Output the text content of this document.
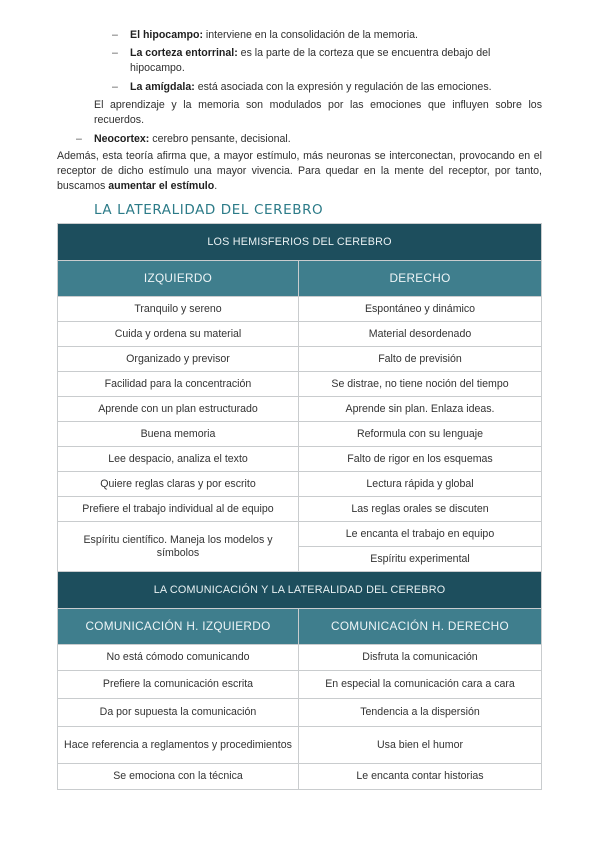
– El hipocampo: interviene en la consolidación de la memoria.
– La corteza entorrinal: es la parte de la corteza que se encuentra debajo del
hipocampo.
– La amígdala: está asociada con la expresión y regulación de las emociones.
El aprendizaje y la memoria son modulados por las emociones que influyen sobre los recuerdos.
– Neocortex: cerebro pensante, decisional.
Además, esta teoría afirma que, a mayor estímulo, más neuronas se interconectan, provocando en el receptor de dicho estímulo una mayor vivencia. Para quedar en la mente del receptor, por tanto, buscamos aumentar el estímulo.
LA LATERALIDAD DEL CEREBRO
LOS HEMISFERIOS DEL CEREBRO	
IZQUIERDO	DERECHO
Tranquilo y sereno	Espontáneo y dinámico
Cuida y ordena su material	Material desordenado
Organizado y previsor	Falto de previsión
Facilidad para la concentración	Se distrae, no tiene noción del tiempo
Aprende con un plan estructurado	Aprende sin plan. Enlaza ideas.
Buena memoria	Reformula con su lenguaje
Lee despacio, analiza el texto	Falto de rigor en los esquemas
Quiere reglas claras y por escrito	Lectura rápida y global
Prefiere el trabajo individual al de equipo	Las reglas orales se discuten
Espíritu científico. Maneja los modelos y símbolos	Le encanta el trabajo en equipo
	Espíritu experimental
LA COMUNICACIÓN Y LA LATERALIDAD DEL CEREBRO	
COMUNICACIÓN H. IZQUIERDO	COMUNICACIÓN H. DERECHO
No está cómodo comunicando	Disfruta la comunicación
Prefiere la comunicación escrita	En especial la comunicación cara a cara
Da por supuesta la comunicación	Tendencia a la dispersión
Hace referencia a reglamentos y procedimientos	Usa bien el humor
Se emociona con la técnica	Le encanta contar historias
